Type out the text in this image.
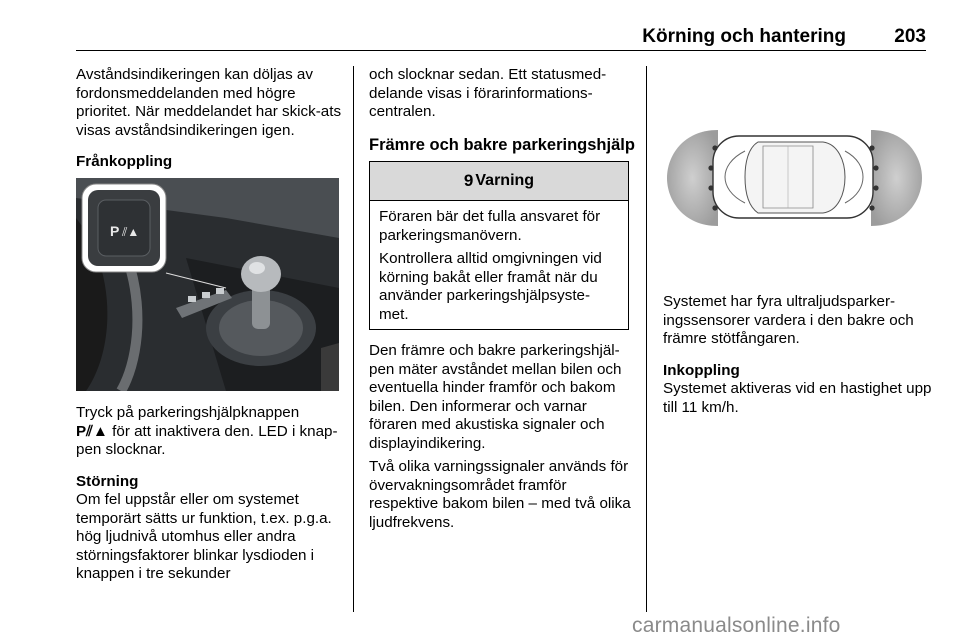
Körning och hantering	203

Avståndsindikeringen kan döljas av fordonsmeddelanden med högre prioritet. När meddelandet har skick-ats visas avståndsindikeringen igen.

Frånkoppling

P ⫽▲

Tryck på parkeringshjälpknappen
P⫽▲ för att inaktivera den. LED i knap-pen slocknar.

Störning

Om fel uppstår eller om systemet temporärt sätts ur funktion, t.ex. p.g.a. hög ljudnivå utomhus eller andra störningsfaktorer blinkar lysdioden i knappen i tre sekunder

och slocknar sedan. Ett statusmed-delande visas i förarinformations-centralen.

Främre och bakre parkeringshjälp

9 Varning

Föraren bär det fulla ansvaret för parkeringsmanövern.

Kontrollera alltid omgivningen vid körning bakåt eller framåt när du använder parkeringshjälpsyste-met.

Den främre och bakre parkeringshjäl-pen mäter avståndet mellan bilen och eventuella hinder framför och bakom bilen. Den informerar och varnar föraren med akustiska signaler och displayindikering.

Två olika varningssignaler används för övervakningsområdet framför respektive bakom bilen – med två olika ljudfrekvens.

Systemet har fyra ultraljudsparker-ingssensorer vardera i den bakre och främre stötfångaren.

Inkoppling

Systemet aktiveras vid en hastighet upp till 11 km/h.

carmanualsonline.info
